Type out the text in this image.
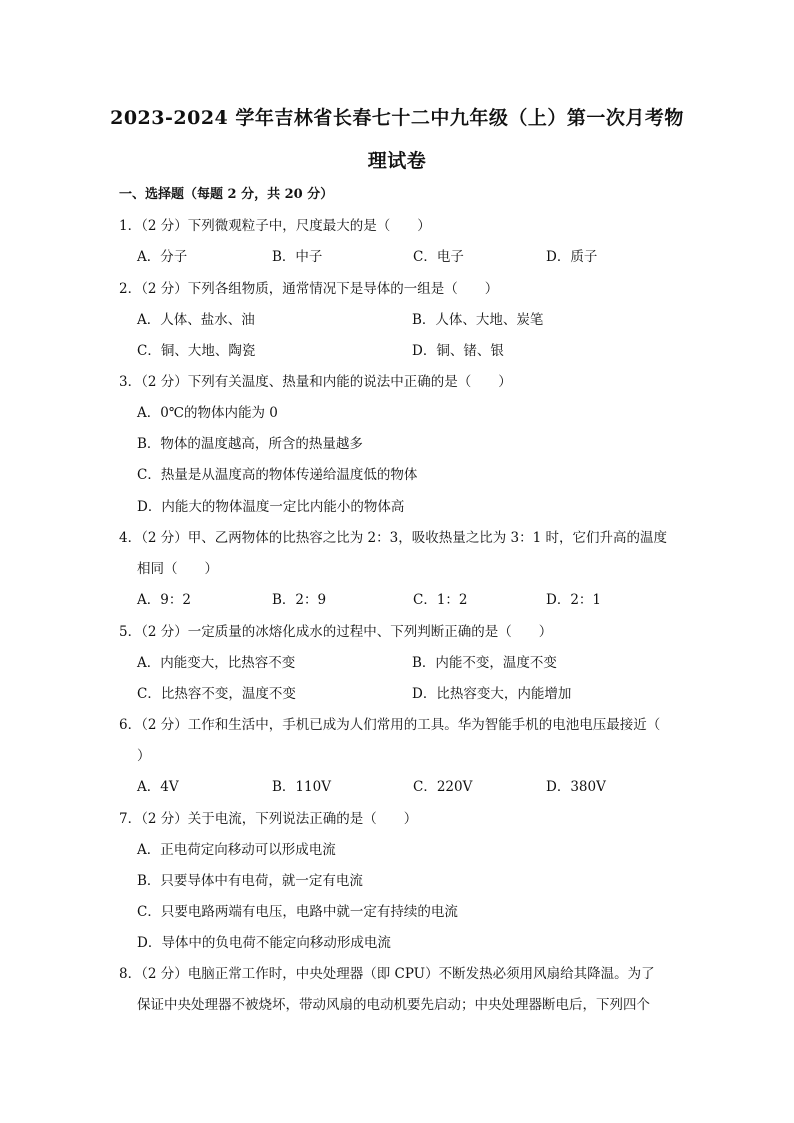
2023-2024 学年吉林省长春七十二中九年级（上）第一次月考物
理试卷
一、选择题（每题 2 分，共 20 分）
1．（2 分）下列微观粒子中，尺度最大的是（　　）
A．分子	B．中子	C．电子	D．质子
2．（2 分）下列各组物质，通常情况下是导体的一组是（　　）
A．人体、盐水、油	B．人体、大地、炭笔
C．铜、大地、陶瓷	D．铜、锗、银
3．（2 分）下列有关温度、热量和内能的说法中正确的是（　　）
A．0℃的物体内能为 0
B．物体的温度越高，所含的热量越多
C．热量是从温度高的物体传递给温度低的物体
D．内能大的物体温度一定比内能小的物体高
4．（2 分）甲、乙两物体的比热容之比为 2：3，吸收热量之比为 3：1 时，它们升高的温度
相同（　　）
A．9：2	B．2：9	C．1：2	D．2：1
5．（2 分）一定质量的冰熔化成水的过程中、下列判断正确的是（　　）
A．内能变大，比热容不变	B．内能不变，温度不变
C．比热容不变，温度不变	D．比热容变大，内能增加
6．（2 分）工作和生活中，手机已成为人们常用的工具。华为智能手机的电池电压最接近（
）
A．4V	B．110V	C．220V	D．380V
7．（2 分）关于电流，下列说法正确的是（　　）
A．正电荷定向移动可以形成电流
B．只要导体中有电荷，就一定有电流
C．只要电路两端有电压，电路中就一定有持续的电流
D．导体中的负电荷不能定向移动形成电流
8．（2 分）电脑正常工作时，中央处理器（即 CPU）不断发热必须用风扇给其降温。为了
保证中央处理器不被烧坏，带动风扇的电动机要先启动；中央处理器断电后，下列四个
